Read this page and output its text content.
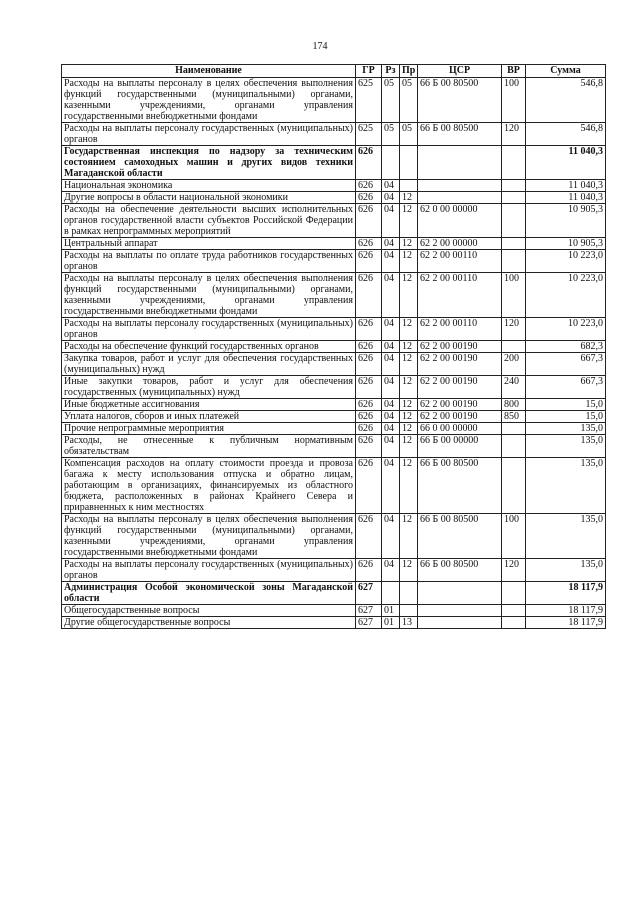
174
Наименование	ГР	Рз	Пр	ЦСР	ВР	Сумма
Расходы на выплаты персоналу в целях обеспечения выполнения функций государственными (муниципальными) органами, казенными учреждениями, органами управления государственными внебюджетными фондами	625	05	05	66 Б 00 80500	100	546,8
Расходы на выплаты персоналу государственных (муниципальных) органов	625	05	05	66 Б 00 80500	120	546,8
Государственная инспекция по надзору за техническим состоянием самоходных машин и других видов техники Магаданской области	626					11 040,3
Национальная экономика	626	04				11 040,3
Другие вопросы в области национальной экономики	626	04	12			11 040,3
Расходы на обеспечение деятельности высших исполнительных органов государственной власти субъектов Российской Федерации в рамках непрограммных мероприятий	626	04	12	62 0 00 00000		10 905,3
Центральный аппарат	626	04	12	62 2 00 00000		10 905,3
Расходы на выплаты по оплате труда работников государственных органов	626	04	12	62 2 00 00110		10 223,0
Расходы на выплаты персоналу в целях обеспечения выполнения функций государственными (муниципальными) органами, казенными учреждениями, органами управления государственными внебюджетными фондами	626	04	12	62 2 00 00110	100	10 223,0
Расходы на выплаты персоналу государственных (муниципальных) органов	626	04	12	62 2 00 00110	120	10 223,0
Расходы на обеспечение функций государственных органов	626	04	12	62 2 00 00190		682,3
Закупка товаров, работ и услуг для обеспечения государственных (муниципальных) нужд	626	04	12	62 2 00 00190	200	667,3
Иные закупки товаров, работ и услуг для обеспечения государственных (муниципальных) нужд	626	04	12	62 2 00 00190	240	667,3
Иные бюджетные ассигнования	626	04	12	62 2 00 00190	800	15,0
Уплата налогов, сборов и иных платежей	626	04	12	62 2 00 00190	850	15,0
Прочие непрограммные мероприятия	626	04	12	66 0 00 00000		135,0
Расходы, не отнесенные к публичным нормативным обязательствам	626	04	12	66 Б 00 00000		135,0
Компенсация расходов на оплату стоимости проезда и провоза багажа к месту использования отпуска и обратно лицам, работающим в организациях, финансируемых из областного бюджета, расположенных в районах Крайнего Севера и приравненных к ним местностях	626	04	12	66 Б 00 80500		135,0
Расходы на выплаты персоналу в целях обеспечения выполнения функций государственными (муниципальными) органами, казенными учреждениями, органами управления государственными внебюджетными фондами	626	04	12	66 Б 00 80500	100	135,0
Расходы на выплаты персоналу государственных (муниципальных) органов	626	04	12	66 Б 00 80500	120	135,0
Администрация Особой экономической зоны Магаданской области	627					18 117,9
Общегосударственные вопросы	627	01				18 117,9
Другие общегосударственные вопросы	627	01	13			18 117,9
